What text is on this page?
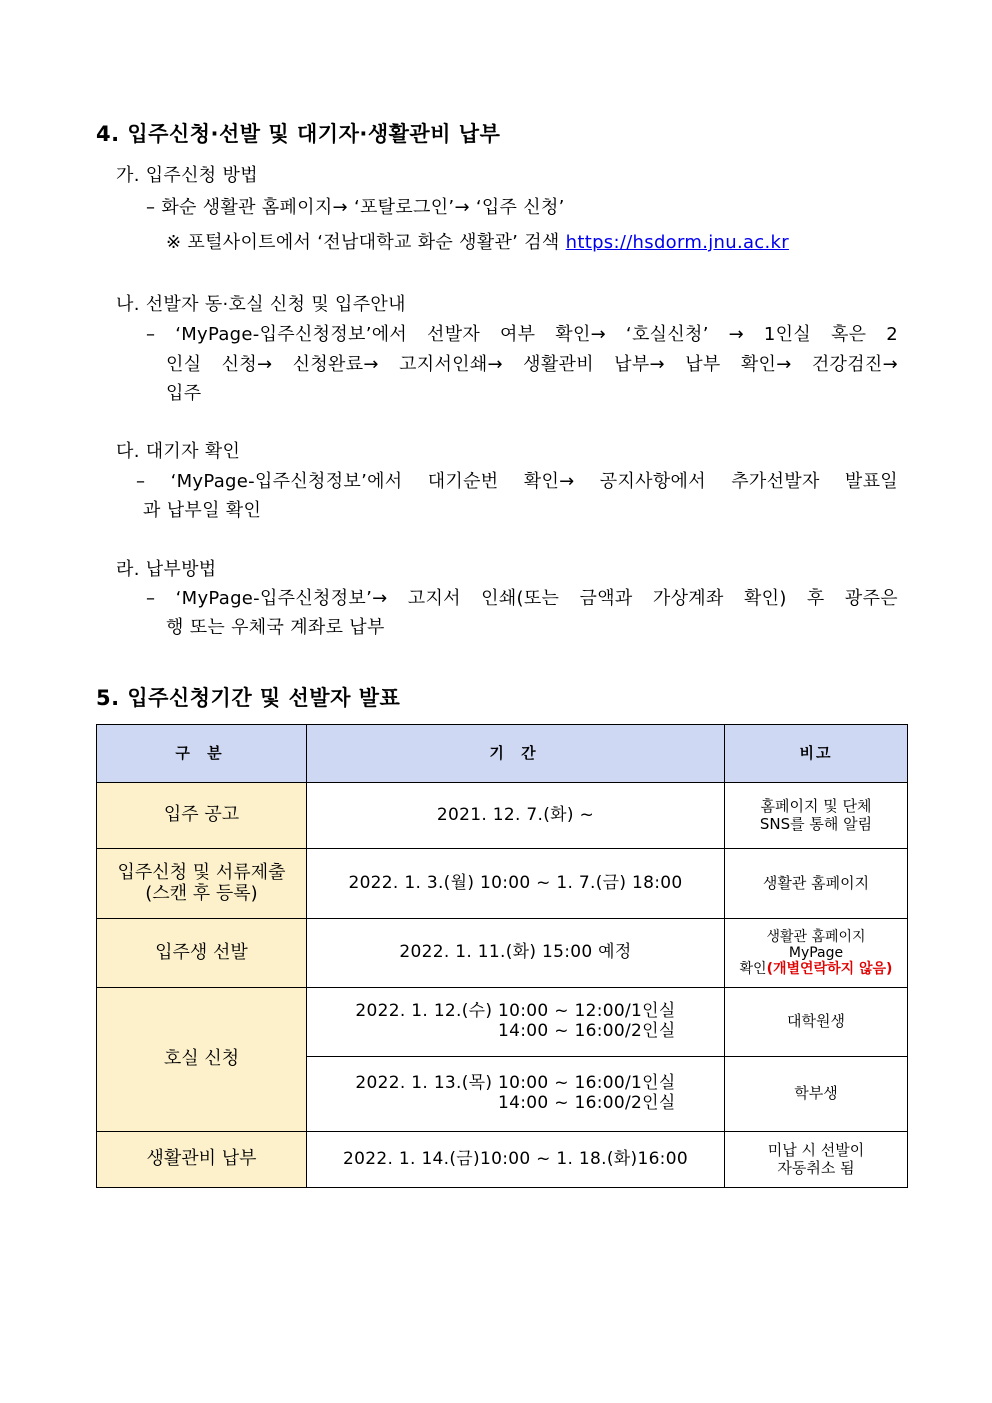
4. 입주신청·선발 및 대기자·생활관비 납부
가. 입주신청 방법
– 화순 생활관 홈페이지→ ‘포탈로그인’→ ‘입주 신청’
※ 포털사이트에서 ‘전남대학교 화순 생활관’ 검색 https://hsdorm.jnu.ac.kr
나. 선발자 동·호실 신청 및 입주안내
– ‘MyPage-입주신청정보’에서 선발자 여부 확인→ ‘호실신청’ → 1인실 혹은 2
인실 신청→ 신청완료→ 고지서인쇄→ 생활관비 납부→ 납부 확인→ 건강검진→
입주
다. 대기자 확인
– ‘MyPage-입주신청정보’에서 대기순번 확인→ 공지사항에서 추가선발자 발표일
과 납부일 확인
라. 납부방법
– ‘MyPage-입주신청정보’→ 고지서 인쇄(또는 금액과 가상계좌 확인) 후 광주은
행 또는 우체국 계좌로 납부
5. 입주신청기간 및 선발자 발표
구 분	기 간	비고
입주 공고	2021. 12. 7.(화) ~	홈페이지 및 단체
SNS를 통해 알림
입주신청 및 서류제출
(스캔 후 등록)	2022. 1. 3.(월) 10:00 ~ 1. 7.(금) 18:00	생활관 홈페이지
입주생 선발	2022. 1. 11.(화) 15:00 예정	생활관 홈페이지
MyPage
확인(개별연락하지 않음)

호실 신청	2022. 1. 12.(수) 10:00 ~ 12:00/1인실
14:00 ~ 16:00/2인실	대학원생
	2022. 1. 13.(목) 10:00 ~ 16:00/1인실
14:00 ~ 16:00/2인실	학부생
생활관비 납부	2022. 1. 14.(금)10:00 ~ 1. 18.(화)16:00	미납 시 선발이
자동취소 됨
